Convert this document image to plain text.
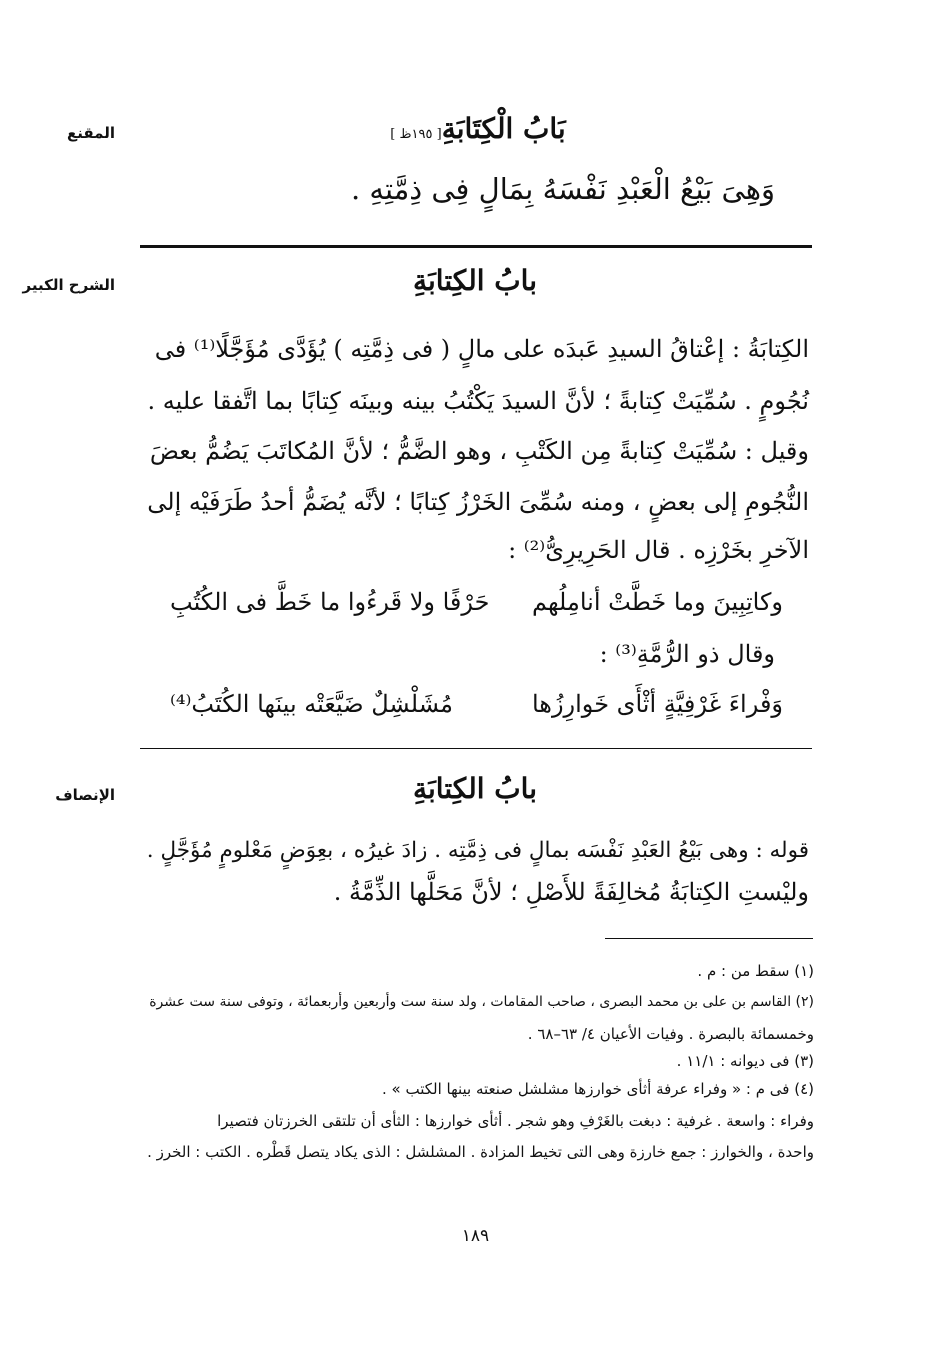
المقنع	بَابُ الْكِتَابَةِ[ ١٩٥ظ ]
وَهِىَ بَيْعُ الْعَبْدِ نَفْسَهُ بِمَالٍ فِى ذِمَّتِهِ .
الشرح الكبير	بابُ الكِتابَةِ
الكِتابَةُ : إعْتاقُ السيدِ عَبدَه على مالٍ ( فى ذِمَّتِه ) يُؤَدَّى مُؤَجَّلًا⁽¹⁾ فى
نُجُومٍ . سُمِّيَتْ كِتابةً ؛ لأنَّ السيدَ يَكْتُبُ بينه وبينَه كِتابًا بما اتَّفقا عليه .
وقيل : سُمِّيَتْ كِتابةً مِن الكَتْبِ ، وهو الضَّمُّ ؛ لأنَّ المُكاتَبَ يَضُمُّ بعضَ
النُّجُومِ إلى بعضٍ ، ومنه سُمِّىَ الخَرْزُ كِتابًا ؛ لأنَّه يُضَمُّ أحدُ طَرَفَيْه إلى
الآخرِ بخَرْزِه . قال الحَرِيرِىُّ⁽²⁾ :
وكاتِبِينَ وما خَطَّتْ أنامِلُهم
حَرْفًا ولا قَرءُوا ما خَطَّ فى الكُتُبِ
وقال ذو الرُّمَّةِ⁽³⁾ :
وَفْراءَ غَرْفِيَّةٍ أثْأَى خَوارِزُها
مُشَلْشِلٌ ضَيَّعَتْه بينَها الكُتَبُ⁽⁴⁾
الإنصاف	بابُ الكِتابَةِ
قوله : وهى بَيْعُ العَبْدِ نَفْسَه بمالٍ فى ذِمَّتِه . زادَ غيرُه ، بعِوَضٍ مَعْلومٍ مُؤَجَّلٍ .
وليْستِ الكِتابَةُ مُخالِفَةً للأَصْلِ ؛ لأنَّ مَحَلَّها الذِّمَّةُ .
(١) سقط من : م .
(٢) القاسم بن على بن محمد البصرى ، صاحب المقامات ، ولد سنة ست وأربعين وأربعمائة ، وتوفى سنة ست عشرة
وخمسمائة بالبصرة . وفيات الأعيان ٤/ ٦٣–٦٨ .
(٣) فى ديوانه : ١١/١ .
(٤) فى م : « وفراء عرفة أثأى خوارزها مشلشل صنعته بينها الكتب » .
وفراء : واسعة . غرفية : دبغت بالغَرْفِ وهو شجر . أثأى خوارزها : الثأى أن تلتقى الخرزتان فتصيرا
واحدة ، والخوارز : جمع خارزة وهى التى تخيط المزادة . المشلشل : الذى يكاد يتصل قَطْره . الكتب : الخرز .
١٨٩
